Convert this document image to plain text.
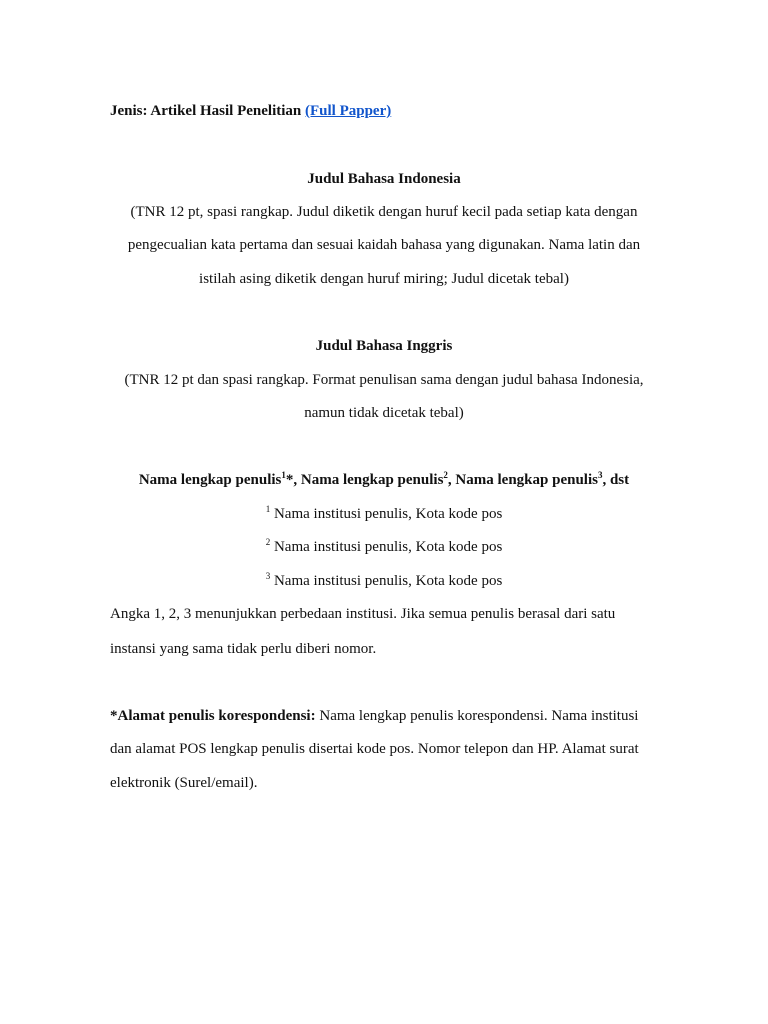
Jenis: Artikel Hasil Penelitian (Full Papper)
Judul Bahasa Indonesia
(TNR 12 pt, spasi rangkap. Judul diketik dengan huruf kecil pada setiap kata dengan
pengecualian kata pertama dan sesuai kaidah bahasa yang digunakan. Nama latin dan
istilah asing diketik dengan huruf miring; Judul dicetak tebal)
Judul Bahasa Inggris
(TNR 12 pt dan spasi rangkap. Format penulisan sama dengan judul bahasa Indonesia,
namun tidak dicetak tebal)
Nama lengkap penulis$^1$*, Nama lengkap penulis$^2$, Nama lengkap penulis$^3$, dst
$^1$ Nama institusi penulis, Kota kode pos
$^2$ Nama institusi penulis, Kota kode pos
$^3$ Nama institusi penulis, Kota kode pos
Angka 1, 2, 3 menunjukkan perbedaan institusi. Jika semua penulis berasal dari satu
instansi yang sama tidak perlu diberi nomor.
*Alamat penulis korespondensi: Nama lengkap penulis korespondensi. Nama institusi
dan alamat POS lengkap penulis disertai kode pos. Nomor telepon dan HP. Alamat surat
elektronik (Surel/email).
